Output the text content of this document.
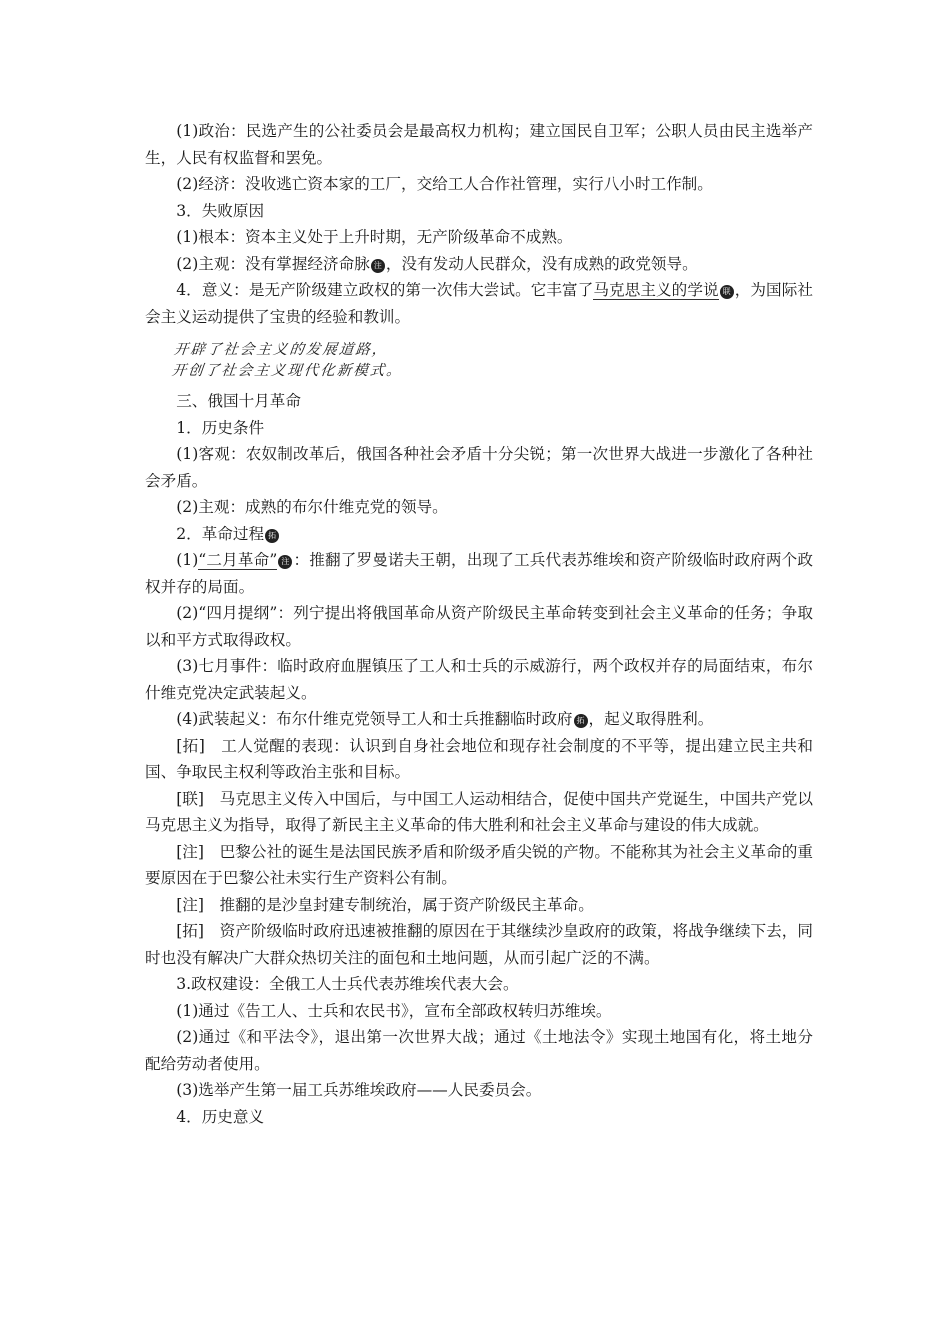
(1)政治：民选产生的公社委员会是最高权力机构；建立国民自卫军；公职人员由民主选举产生，人民有权监督和罢免。

(2)经济：没收逃亡资本家的工厂，交给工人合作社管理，实行八小时工作制。

3．失败原因

(1)根本：资本主义处于上升时期，无产阶级革命不成熟。

(2)主观：没有掌握经济命脉 注 ，没有发动人民群众，没有成熟的政党领导。

4．意义：是无产阶级建立政权的第一次伟大尝试。它丰富了马克思主义的学说 联 ，为国际社会主义运动提供了宝贵的经验和教训。

开辟了社会主义的发展道路，
开创了社会主义现代化新模式。

三、俄国十月革命

1．历史条件

(1)客观：农奴制改革后，俄国各种社会矛盾十分尖锐；第一次世界大战进一步激化了各种社会矛盾。

(2)主观：成熟的布尔什维克党的领导。

2．革命过程 拓

(1)“二月革命” 注 ：推翻了罗曼诺夫王朝，出现了工兵代表苏维埃和资产阶级临时政府两个政权并存的局面。

(2)“四月提纲”：列宁提出将俄国革命从资产阶级民主革命转变到社会主义革命的任务；争取以和平方式取得政权。

(3)七月事件：临时政府血腥镇压了工人和士兵的示威游行，两个政权并存的局面结束，布尔什维克党决定武装起义。

(4)武装起义：布尔什维克党领导工人和士兵推翻临时政府 拓 ，起义取得胜利。

[拓]　工人觉醒的表现：认识到自身社会地位和现存社会制度的不平等，提出建立民主共和国、争取民主权利等政治主张和目标。

[联]　马克思主义传入中国后，与中国工人运动相结合，促使中国共产党诞生，中国共产党以马克思主义为指导，取得了新民主主义革命的伟大胜利和社会主义革命与建设的伟大成就。

[注]　巴黎公社的诞生是法国民族矛盾和阶级矛盾尖锐的产物。不能称其为社会主义革命的重要原因在于巴黎公社未实行生产资料公有制。

[注]　推翻的是沙皇封建专制统治，属于资产阶级民主革命。

[拓]　资产阶级临时政府迅速被推翻的原因在于其继续沙皇政府的政策，将战争继续下去，同时也没有解决广大群众热切关注的面包和土地问题，从而引起广泛的不满。

3.政权建设：全俄工人士兵代表苏维埃代表大会。

(1)通过《告工人、士兵和农民书》，宣布全部政权转归苏维埃。

(2)通过《和平法令》，退出第一次世界大战；通过《土地法令》实现土地国有化，将土地分配给劳动者使用。

(3)选举产生第一届工兵苏维埃政府——人民委员会。

4．历史意义
